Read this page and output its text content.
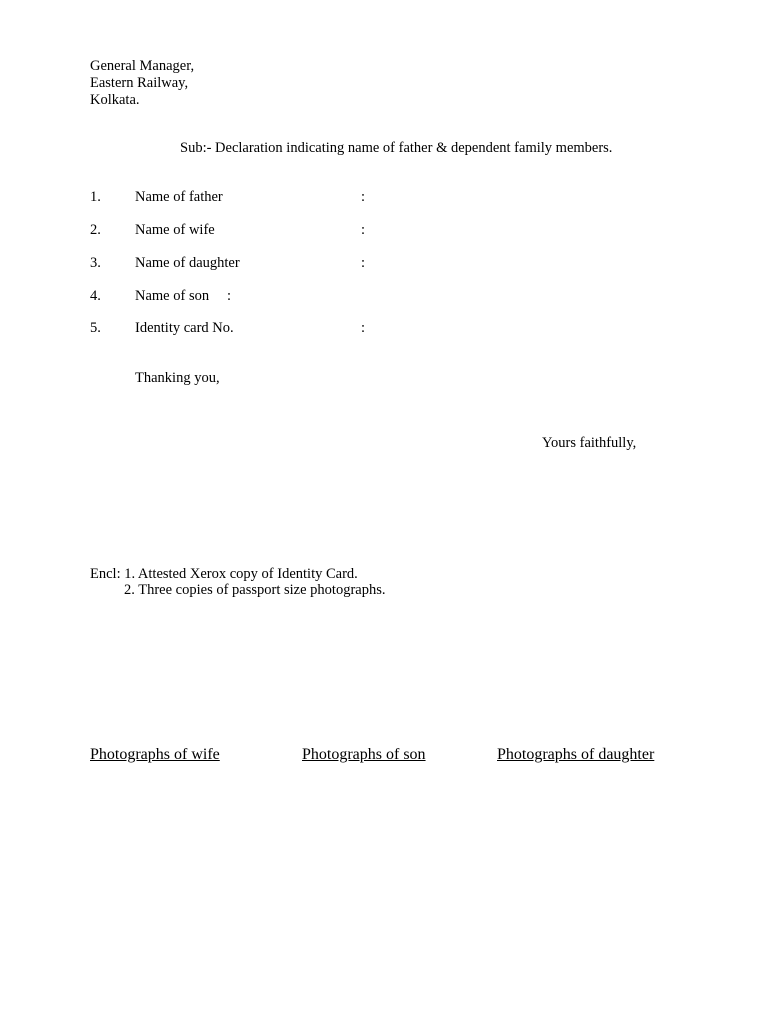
General Manager,
Eastern Railway,
Kolkata.
Sub:- Declaration indicating name of father & dependent family members.
1. Name of father	:
2. Name of wife	:
3. Name of daughter	:
4. Name of son :
5. Identity card No.	:
Thanking you,
Yours faithfully,
Encl: 1. Attested Xerox copy of Identity Card.
2. Three copies of passport size photographs.
Photographs of wife	Photographs of son	Photographs of daughter
